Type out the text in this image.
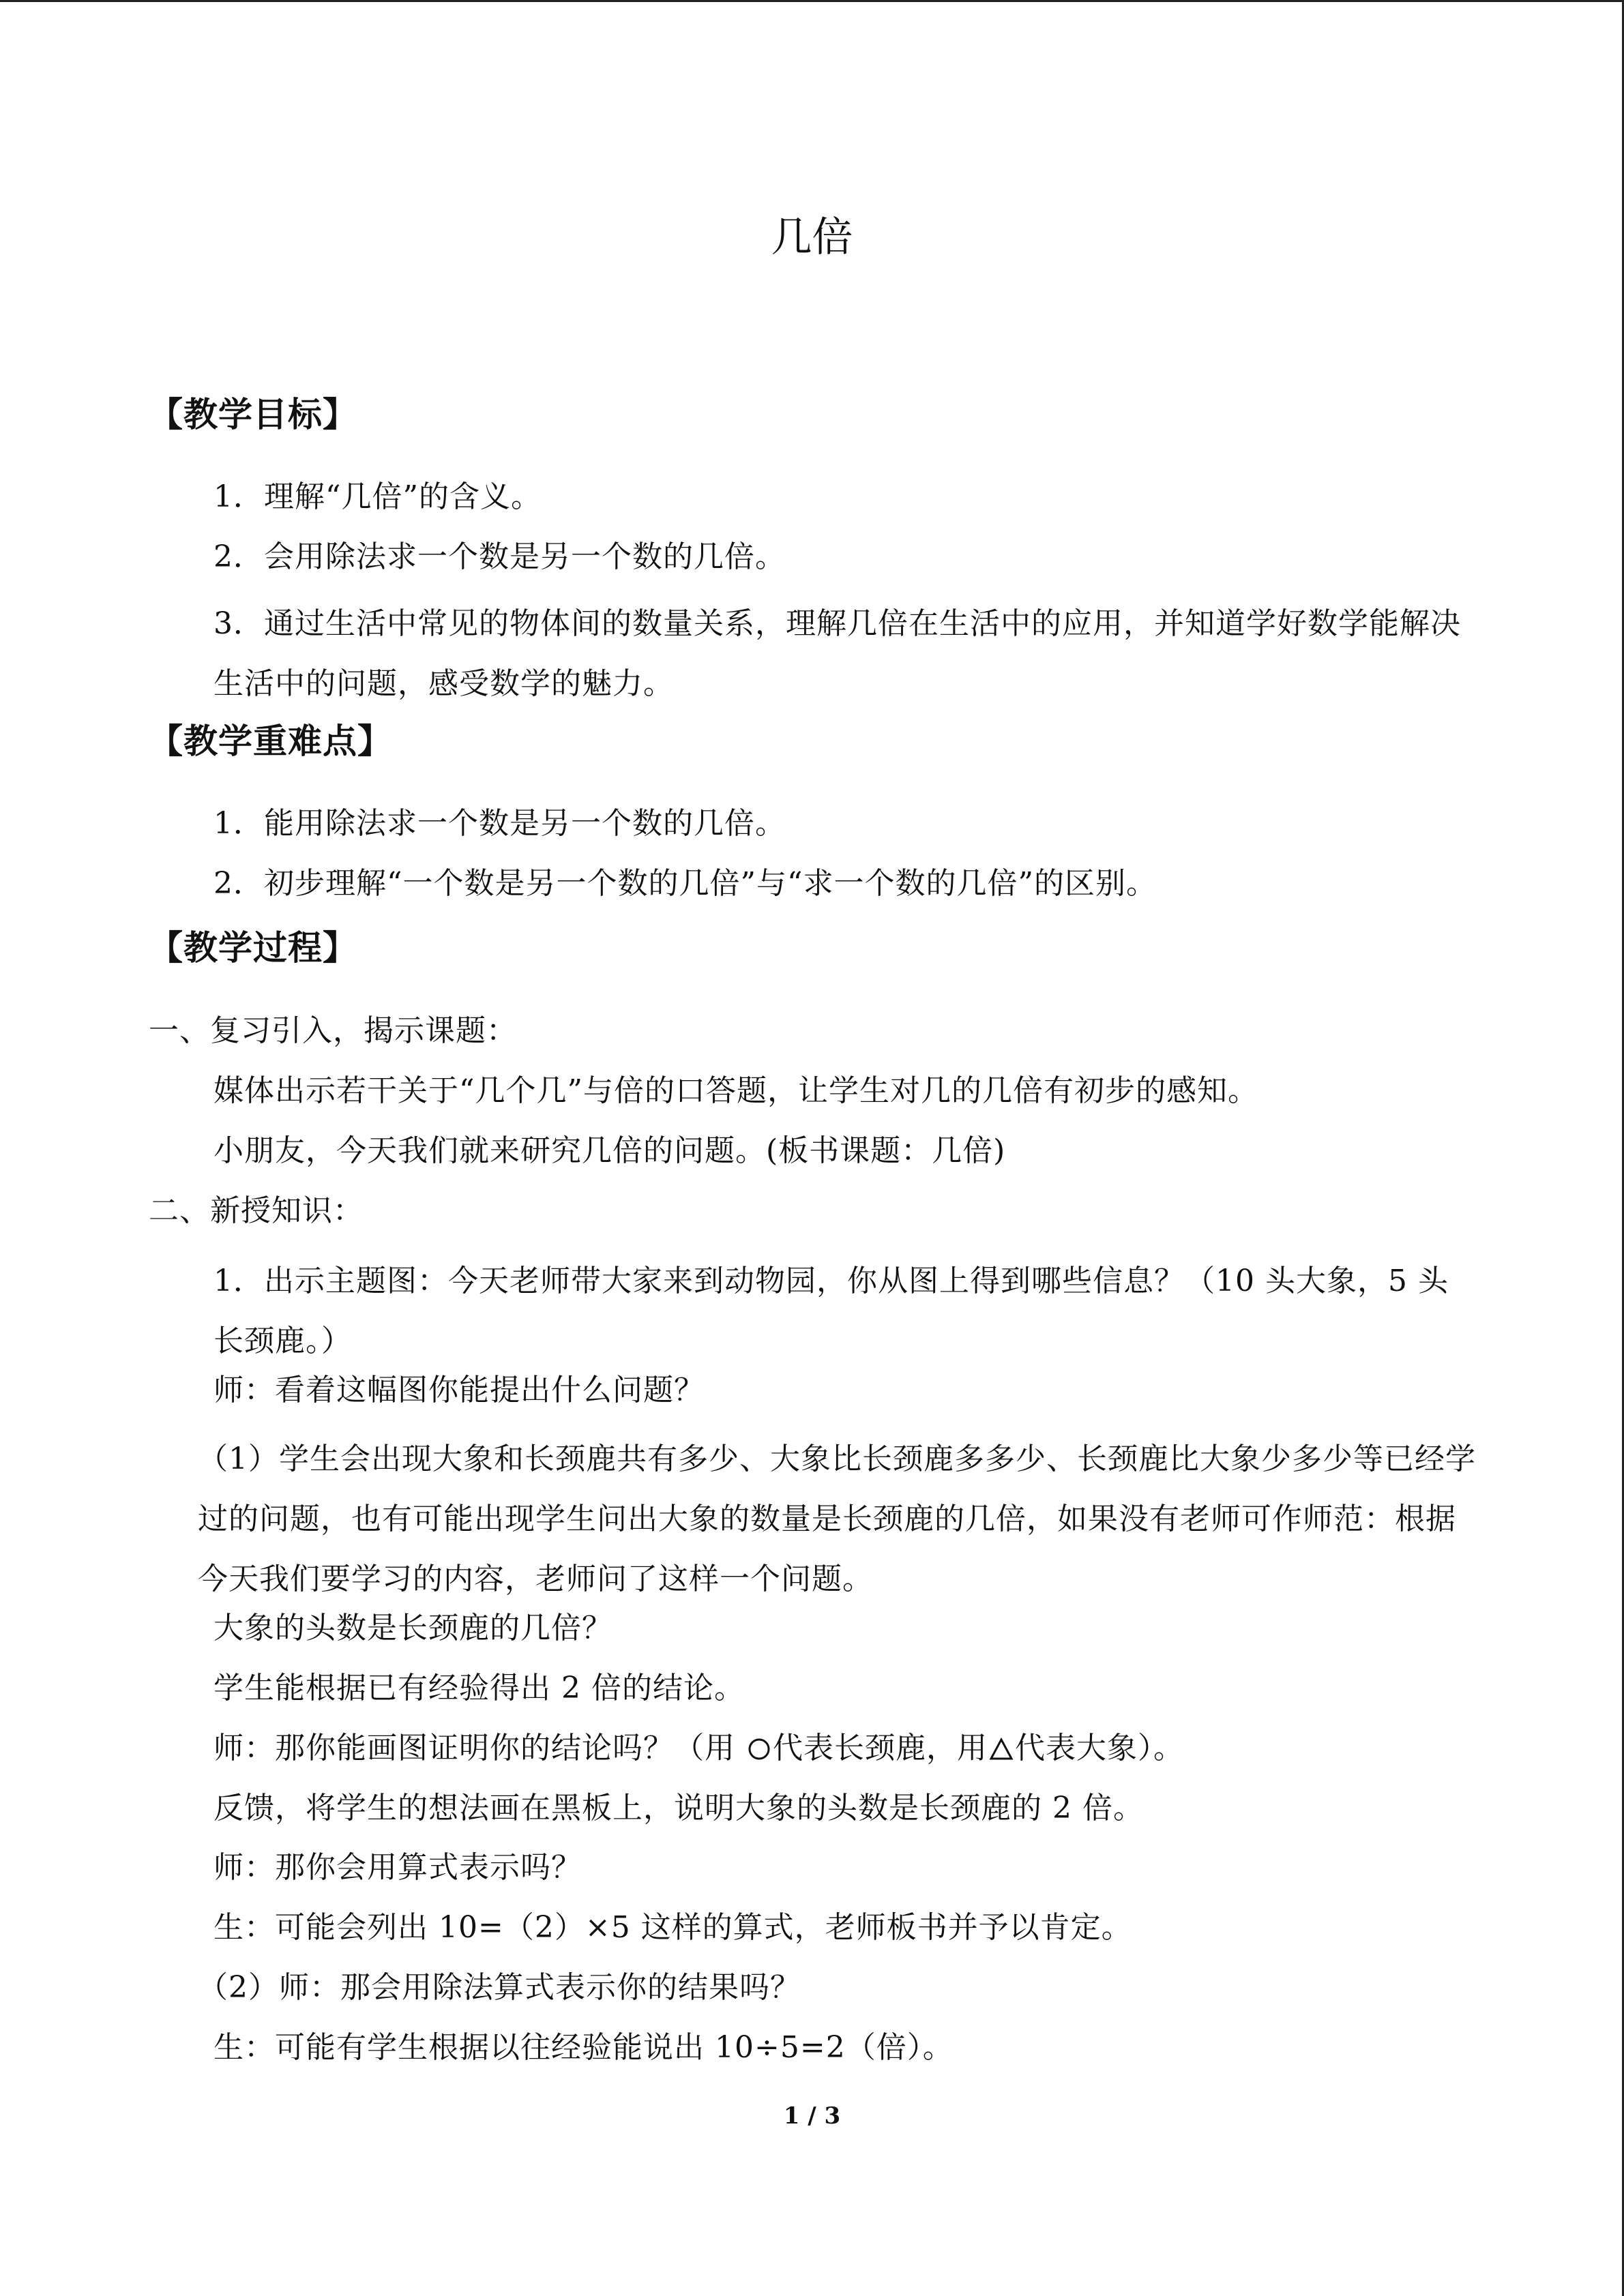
几倍
【教学目标】
1．理解“几倍”的含义。
2．会用除法求一个数是另一个数的几倍。
3．通过生活中常见的物体间的数量关系，理解几倍在生活中的应用，并知道学好数学能解决生活中的问题，感受数学的魅力。
【教学重难点】
1．能用除法求一个数是另一个数的几倍。
2．初步理解“一个数是另一个数的几倍”与“求一个数的几倍”的区别。
【教学过程】
一、复习引入，揭示课题：
媒体出示若干关于“几个几”与倍的口答题，让学生对几的几倍有初步的感知。
小朋友，今天我们就来研究几倍的问题。(板书课题：几倍)
二、新授知识：
1．出示主题图：今天老师带大家来到动物园，你从图上得到哪些信息？（10 头大象，5 头长颈鹿。）
师：看着这幅图你能提出什么问题？
（1）学生会出现大象和长颈鹿共有多少、大象比长颈鹿多多少、长颈鹿比大象少多少等已经学过的问题，也有可能出现学生问出大象的数量是长颈鹿的几倍，如果没有老师可作师范：根据今天我们要学习的内容，老师问了这样一个问题。
大象的头数是长颈鹿的几倍？
学生能根据已有经验得出 2 倍的结论。
师：那你能画图证明你的结论吗？（用 代表长颈鹿，用 代表大象）。
反馈，将学生的想法画在黑板上，说明大象的头数是长颈鹿的 2 倍。
师：那你会用算式表示吗？
生：可能会列出 10=（2）×5 这样的算式，老师板书并予以肯定。
（2）师：那会用除法算式表示你的结果吗？
生：可能有学生根据以往经验能说出 10÷5=2（倍）。
1 / 3
